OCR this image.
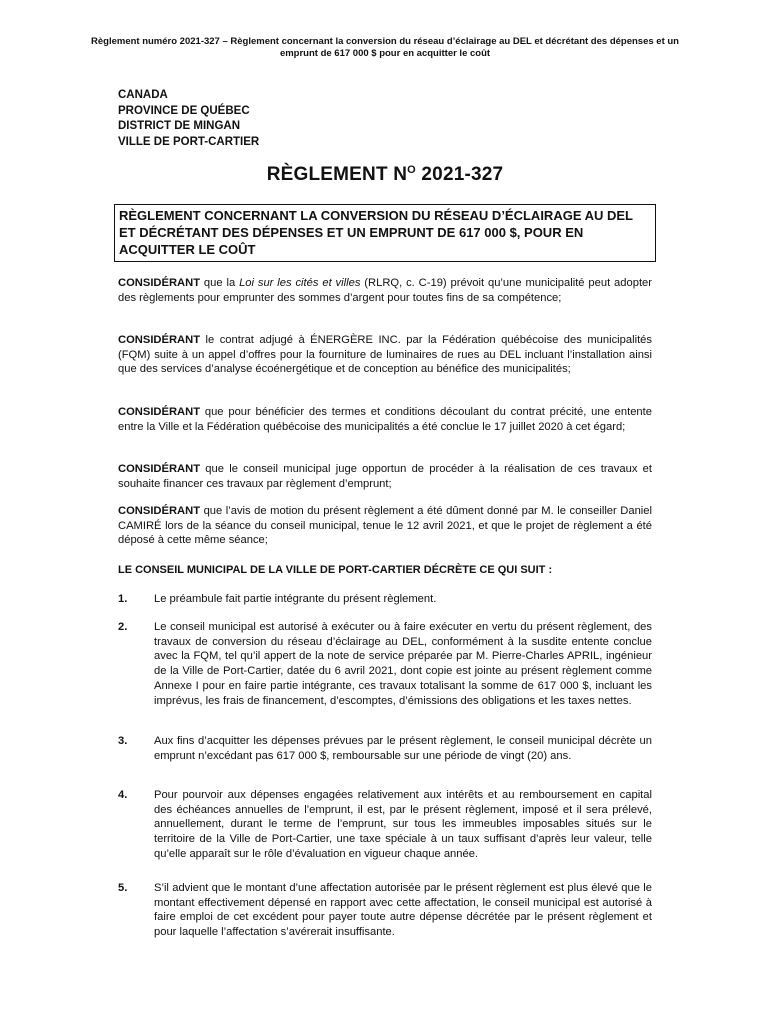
Règlement numéro 2021-327 – Règlement concernant la conversion du réseau d’éclairage au DEL et décrétant des dépenses et un emprunt de 617 000 $ pour en acquitter le coût
CANADA
PROVINCE DE QUÉBEC
DISTRICT DE MINGAN
VILLE DE PORT-CARTIER
RÈGLEMENT $N^O$ 2021-327
RÈGLEMENT CONCERNANT LA CONVERSION DU RÉSEAU D’ÉCLAIRAGE AU DEL ET DÉCRÉTANT DES DÉPENSES ET UN EMPRUNT DE 617 000 $, POUR EN ACQUITTER LE COÛT
CONSIDÉRANT que la Loi sur les cités et villes (RLRQ, c. C-19) prévoit qu’une municipalité peut adopter des règlements pour emprunter des sommes d’argent pour toutes fins de sa compétence;
CONSIDÉRANT le contrat adjugé à ÉNERGÈRE INC. par la Fédération québécoise des municipalités (FQM) suite à un appel d’offres pour la fourniture de luminaires de rues au DEL incluant l’installation ainsi que des services d’analyse écoénergétique et de conception au bénéfice des municipalités;
CONSIDÉRANT que pour bénéficier des termes et conditions découlant du contrat précité, une entente entre la Ville et la Fédération québécoise des municipalités a été conclue le 17 juillet 2020 à cet égard;
CONSIDÉRANT que le conseil municipal juge opportun de procéder à la réalisation de ces travaux et souhaite financer ces travaux par règlement d’emprunt;
CONSIDÉRANT que l’avis de motion du présent règlement a été dûment donné par M. le conseiller Daniel CAMIRÉ lors de la séance du conseil municipal, tenue le 12 avril 2021, et que le projet de règlement a été déposé à cette même séance;
LE CONSEIL MUNICIPAL DE LA VILLE DE PORT-CARTIER DÉCRÈTE CE QUI SUIT :
1. Le préambule fait partie intégrante du présent règlement.
2. Le conseil municipal est autorisé à exécuter ou à faire exécuter en vertu du présent règlement, des travaux de conversion du réseau d’éclairage au DEL, conformément à la susdite entente conclue avec la FQM, tel qu’il appert de la note de service préparée par M. Pierre-Charles APRIL, ingénieur de la Ville de Port-Cartier, datée du 6 avril 2021, dont copie est jointe au présent règlement comme Annexe I pour en faire partie intégrante, ces travaux totalisant la somme de 617 000 $, incluant les imprévus, les frais de financement, d’escomptes, d’émissions des obligations et les taxes nettes.
3. Aux fins d’acquitter les dépenses prévues par le présent règlement, le conseil municipal décrète un emprunt n’excédant pas 617 000 $, remboursable sur une période de vingt (20) ans.
4. Pour pourvoir aux dépenses engagées relativement aux intérêts et au remboursement en capital des échéances annuelles de l’emprunt, il est, par le présent règlement, imposé et il sera prélevé, annuellement, durant le terme de l’emprunt, sur tous les immeubles imposables situés sur le territoire de la Ville de Port-Cartier, une taxe spéciale à un taux suffisant d’après leur valeur, telle qu’elle apparaît sur le rôle d’évaluation en vigueur chaque année.
5. S’il advient que le montant d’une affectation autorisée par le présent règlement est plus élevé que le montant effectivement dépensé en rapport avec cette affectation, le conseil municipal est autorisé à faire emploi de cet excédent pour payer toute autre dépense décrétée par le présent règlement et pour laquelle l’affectation s’avérerait insuffisante.
